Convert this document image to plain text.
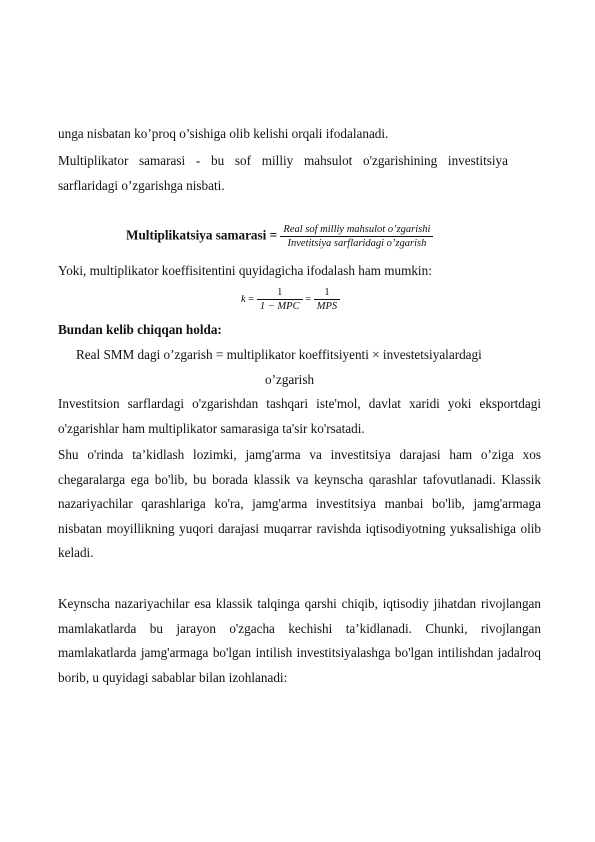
unga nisbatan ko’proq o’sishiga olib kelishi orqali ifodalanadi.
Multiplikator samarasi - bu sof milliy mahsulot o'zgarishining investitsiya
sarflaridagi o’zgarishga nisbati.
Multiplikatsiya samarasi = $\frac{\text{Real sof milliy mahsulot o’zgarishi}}{\text{Invetitsiya sarflaridagi o’zgarish}}$
Yoki, multiplikator koeffisitentini quyidagicha ifodalash ham mumkin:
$k = \frac{1}{\text{1 − MPC}} = \frac{1}{\text{MPS}}$
Bundan kelib chiqqan holda:
Real SMM dagi o’zgarish = multiplikator koeffitsiyenti × investetsiyalardagi
o’zgarish
Investitsion sarflardagi o'zgarishdan tashqari iste'mol, davlat xaridi yoki eksportdagi o'zgarishlar ham multiplikator samarasiga ta'sir ko'rsatadi.
Shu o'rinda ta’kidlash lozimki, jamg'arma va investitsiya darajasi ham o’ziga xos chegaralarga ega bo'lib, bu borada klassik va keynscha qarashlar tafovutlanadi. Klassik nazariyachilar qarashlariga ko'ra, jamg'arma investitsiya manbai bo'lib, jamg'armaga nisbatan moyillikning yuqori darajasi muqarrar ravishda iqtisodiyotning yuksalishiga olib keladi.
Keynscha nazariyachilar esa klassik talqinga qarshi chiqib, iqtisodiy jihatdan rivojlangan mamlakatlarda bu jarayon o'zgacha kechishi ta’kidlanadi. Chunki, rivojlangan mamlakatlarda jamg'armaga bo'lgan intilish investitsiyalashga bo'lgan intilishdan jadalroq borib, u quyidagi sabablar bilan izohlanadi:
